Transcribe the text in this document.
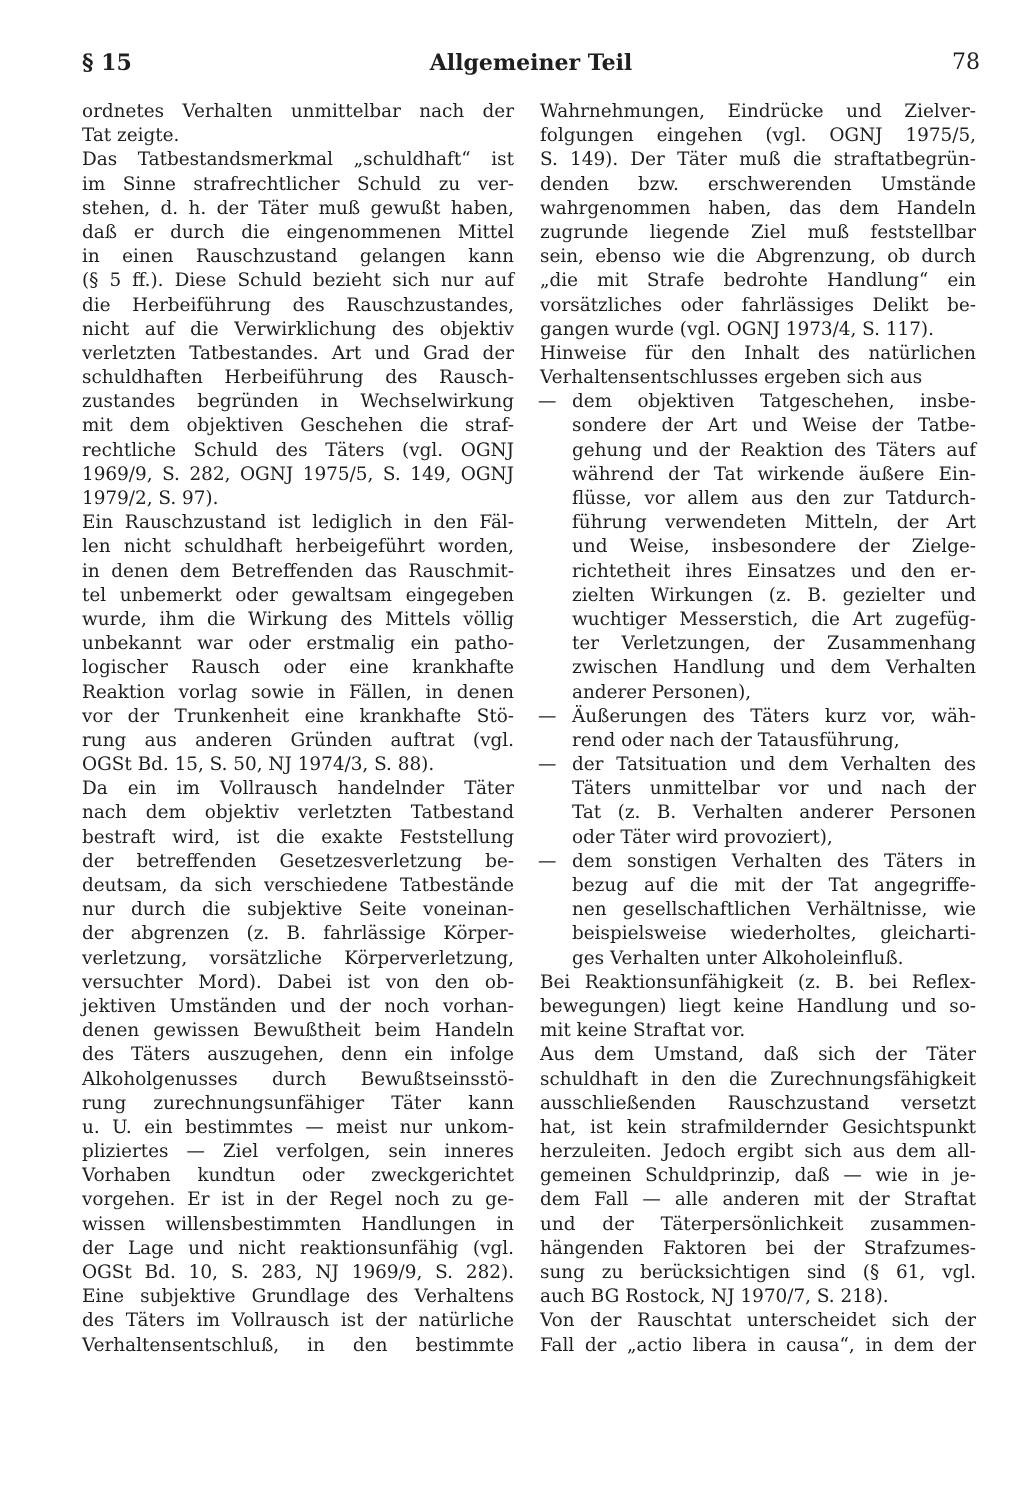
§ 15	Allgemeiner Teil	78
ordnetes Verhalten unmittelbar nach der
Tat zeigte.
Das Tatbestandsmerkmal „schuldhaft“ ist
im Sinne strafrechtlicher Schuld zu ver-
stehen, d. h. der Täter muß gewußt haben,
daß er durch die eingenommenen Mittel
in einen Rauschzustand gelangen kann
(§ 5 ff.). Diese Schuld bezieht sich nur auf
die Herbeiführung des Rauschzustandes,
nicht auf die Verwirklichung des objektiv
verletzten Tatbestandes. Art und Grad der
schuldhaften Herbeiführung des Rausch-
zustandes begründen in Wechselwirkung
mit dem objektiven Geschehen die straf-
rechtliche Schuld des Täters (vgl. OGNJ
1969/9, S. 282, OGNJ 1975/5, S. 149, OGNJ
1979/2, S. 97).
Ein Rauschzustand ist lediglich in den Fäl-
len nicht schuldhaft herbeigeführt worden,
in denen dem Betreffenden das Rauschmit-
tel unbemerkt oder gewaltsam eingegeben
wurde, ihm die Wirkung des Mittels völlig
unbekannt war oder erstmalig ein patho-
logischer Rausch oder eine krankhafte
Reaktion vorlag sowie in Fällen, in denen
vor der Trunkenheit eine krankhafte Stö-
rung aus anderen Gründen auftrat (vgl.
OGSt Bd. 15, S. 50, NJ 1974/3, S. 88).
Da ein im Vollrausch handelnder Täter
nach dem objektiv verletzten Tatbestand
bestraft wird, ist die exakte Feststellung
der betreffenden Gesetzesverletzung be-
deutsam, da sich verschiedene Tatbestände
nur durch die subjektive Seite voneinan-
der abgrenzen (z. B. fahrlässige Körper-
verletzung, vorsätzliche Körperverletzung,
versuchter Mord). Dabei ist von den ob-
jektiven Umständen und der noch vorhan-
denen gewissen Bewußtheit beim Handeln
des Täters auszugehen, denn ein infolge
Alkoholgenusses durch Bewußtseinsstö-
rung zurechnungsunfähiger Täter kann
u. U. ein bestimmtes — meist nur unkom-
pliziertes — Ziel verfolgen, sein inneres
Vorhaben kundtun oder zweckgerichtet
vorgehen. Er ist in der Regel noch zu ge-
wissen willensbestimmten Handlungen in
der Lage und nicht reaktionsunfähig (vgl.
OGSt Bd. 10, S. 283, NJ 1969/9, S. 282).
Eine subjektive Grundlage des Verhaltens
des Täters im Vollrausch ist der natürliche
Verhaltensentschluß, in den bestimmte
Wahrnehmungen, Eindrücke und Zielver-
folgungen eingehen (vgl. OGNJ 1975/5,
S. 149). Der Täter muß die straftatbegrün-
denden bzw. erschwerenden Umstände
wahrgenommen haben, das dem Handeln
zugrunde liegende Ziel muß feststellbar
sein, ebenso wie die Abgrenzung, ob durch
„die mit Strafe bedrohte Handlung“ ein
vorsätzliches oder fahrlässiges Delikt be-
gangen wurde (vgl. OGNJ 1973/4, S. 117).
Hinweise für den Inhalt des natürlichen
Verhaltensentschlusses ergeben sich aus
— dem objektiven Tatgeschehen, insbe-
sondere der Art und Weise der Tatbe-
gehung und der Reaktion des Täters auf
während der Tat wirkende äußere Ein-
flüsse, vor allem aus den zur Tatdurch-
führung verwendeten Mitteln, der Art
und Weise, insbesondere der Zielge-
richtetheit ihres Einsatzes und den er-
zielten Wirkungen (z. B. gezielter und
wuchtiger Messerstich, die Art zugefüg-
ter Verletzungen, der Zusammenhang
zwischen Handlung und dem Verhalten
anderer Personen),
— Äußerungen des Täters kurz vor, wäh-
rend oder nach der Tatausführung,
— der Tatsituation und dem Verhalten des
Täters unmittelbar vor und nach der
Tat (z. B. Verhalten anderer Personen
oder Täter wird provoziert),
— dem sonstigen Verhalten des Täters in
bezug auf die mit der Tat angegriffe-
nen gesellschaftlichen Verhältnisse, wie
beispielsweise wiederholtes, gleicharti-
ges Verhalten unter Alkoholeinfluß.
Bei Reaktionsunfähigkeit (z. B. bei Reflex-
bewegungen) liegt keine Handlung und so-
mit keine Straftat vor.
Aus dem Umstand, daß sich der Täter
schuldhaft in den die Zurechnungsfähigkeit
ausschließenden Rauschzustand versetzt
hat, ist kein strafmildernder Gesichtspunkt
herzuleiten. Jedoch ergibt sich aus dem all-
gemeinen Schuldprinzip, daß — wie in je-
dem Fall — alle anderen mit der Straftat
und der Täterpersönlichkeit zusammen-
hängenden Faktoren bei der Strafzumes-
sung zu berücksichtigen sind (§ 61, vgl.
auch BG Rostock, NJ 1970/7, S. 218).
Von der Rauschtat unterscheidet sich der
Fall der „actio libera in causa“, in dem der
